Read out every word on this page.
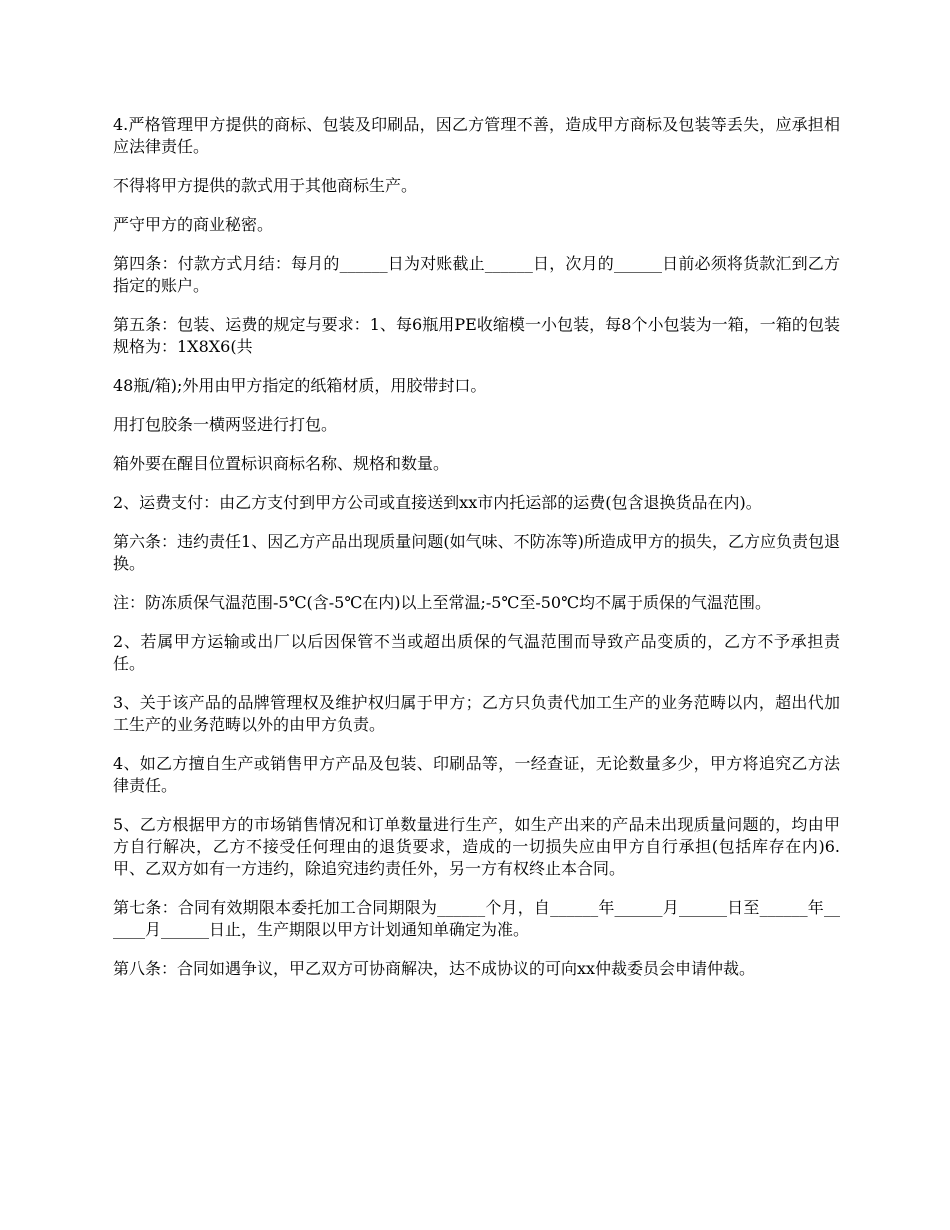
4.严格管理甲方提供的商标、包装及印刷品，因乙方管理不善，造成甲方商标及包装等丢失，应承担相应法律责任。

不得将甲方提供的款式用于其他商标生产。

严守甲方的商业秘密。

第四条：付款方式月结：每月的______日为对账截止______日，次月的______日前必须将货款汇到乙方指定的账户。

第五条：包装、运费的规定与要求：1、每6瓶用PE收缩模一小包装，每8个小包装为一箱，一箱的包装规格为：1X8X6(共

48瓶/箱);外用由甲方指定的纸箱材质，用胶带封口。

用打包胶条一横两竖进行打包。

箱外要在醒目位置标识商标名称、规格和数量。

2、运费支付：由乙方支付到甲方公司或直接送到xx市内托运部的运费(包含退换货品在内)。

第六条：违约责任1、因乙方产品出现质量问题(如气味、不防冻等)所造成甲方的损失，乙方应负责包退换。

注：防冻质保气温范围-5℃(含-5℃在内)以上至常温;-5℃至-50℃均不属于质保的气温范围。

2、若属甲方运输或出厂以后因保管不当或超出质保的气温范围而导致产品变质的，乙方不予承担责任。

3、关于该产品的品牌管理权及维护权归属于甲方；乙方只负责代加工生产的业务范畴以内，超出代加工生产的业务范畴以外的由甲方负责。

4、如乙方擅自生产或销售甲方产品及包装、印刷品等，一经查证，无论数量多少，甲方将追究乙方法律责任。

5、乙方根据甲方的市场销售情况和订单数量进行生产，如生产出来的产品未出现质量问题的，均由甲方自行解决，乙方不接受任何理由的退货要求，造成的一切损失应由甲方自行承担(包括库存在内)6.甲、乙双方如有一方违约，除追究违约责任外，另一方有权终止本合同。

第七条：合同有效期限本委托加工合同期限为______个月，自______年______月______日至______年______月______日止，生产期限以甲方计划通知单确定为准。

第八条：合同如遇争议，甲乙双方可协商解决，达不成协议的可向xx仲裁委员会申请仲裁。
